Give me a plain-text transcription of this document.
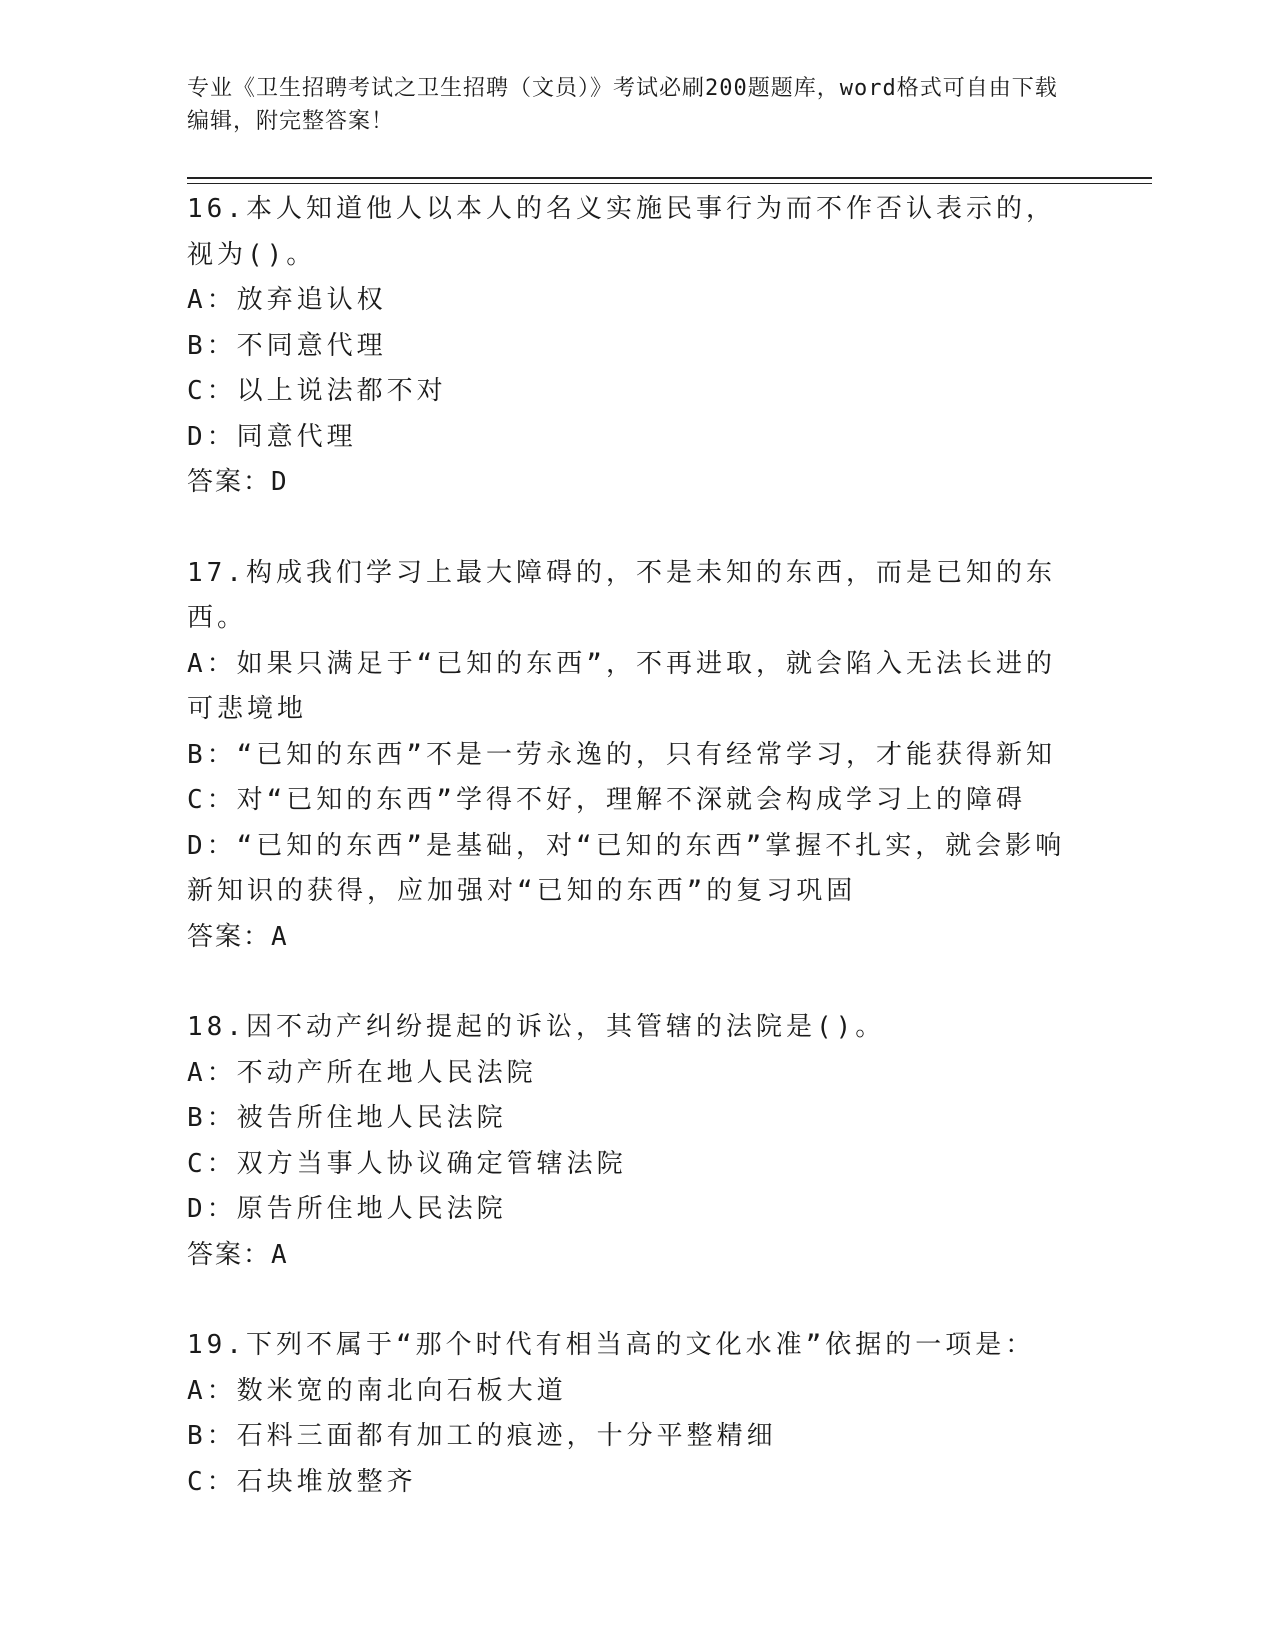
专业《卫生招聘考试之卫生招聘（文员）》考试必刷200题题库，word格式可自由下载编辑，附完整答案！

16.本人知道他人以本人的名义实施民事行为而不作否认表示的，视为()。

A：放弃追认权

B：不同意代理

C：以上说法都不对

D：同意代理

答案：D

17.构成我们学习上最大障碍的，不是未知的东西，而是已知的东西。

A：如果只满足于“已知的东西”，不再进取，就会陷入无法长进的可悲境地

B：“已知的东西”不是一劳永逸的，只有经常学习，才能获得新知

C：对“已知的东西”学得不好，理解不深就会构成学习上的障碍

D：“已知的东西”是基础，对“已知的东西”掌握不扎实，就会影响新知识的获得，应加强对“已知的东西”的复习巩固

答案：A

18.因不动产纠纷提起的诉讼，其管辖的法院是()。

A：不动产所在地人民法院

B：被告所住地人民法院

C：双方当事人协议确定管辖法院

D：原告所住地人民法院

答案：A

19.下列不属于“那个时代有相当高的文化水准”依据的一项是：

A：数米宽的南北向石板大道

B：石料三面都有加工的痕迹，十分平整精细

C：石块堆放整齐
